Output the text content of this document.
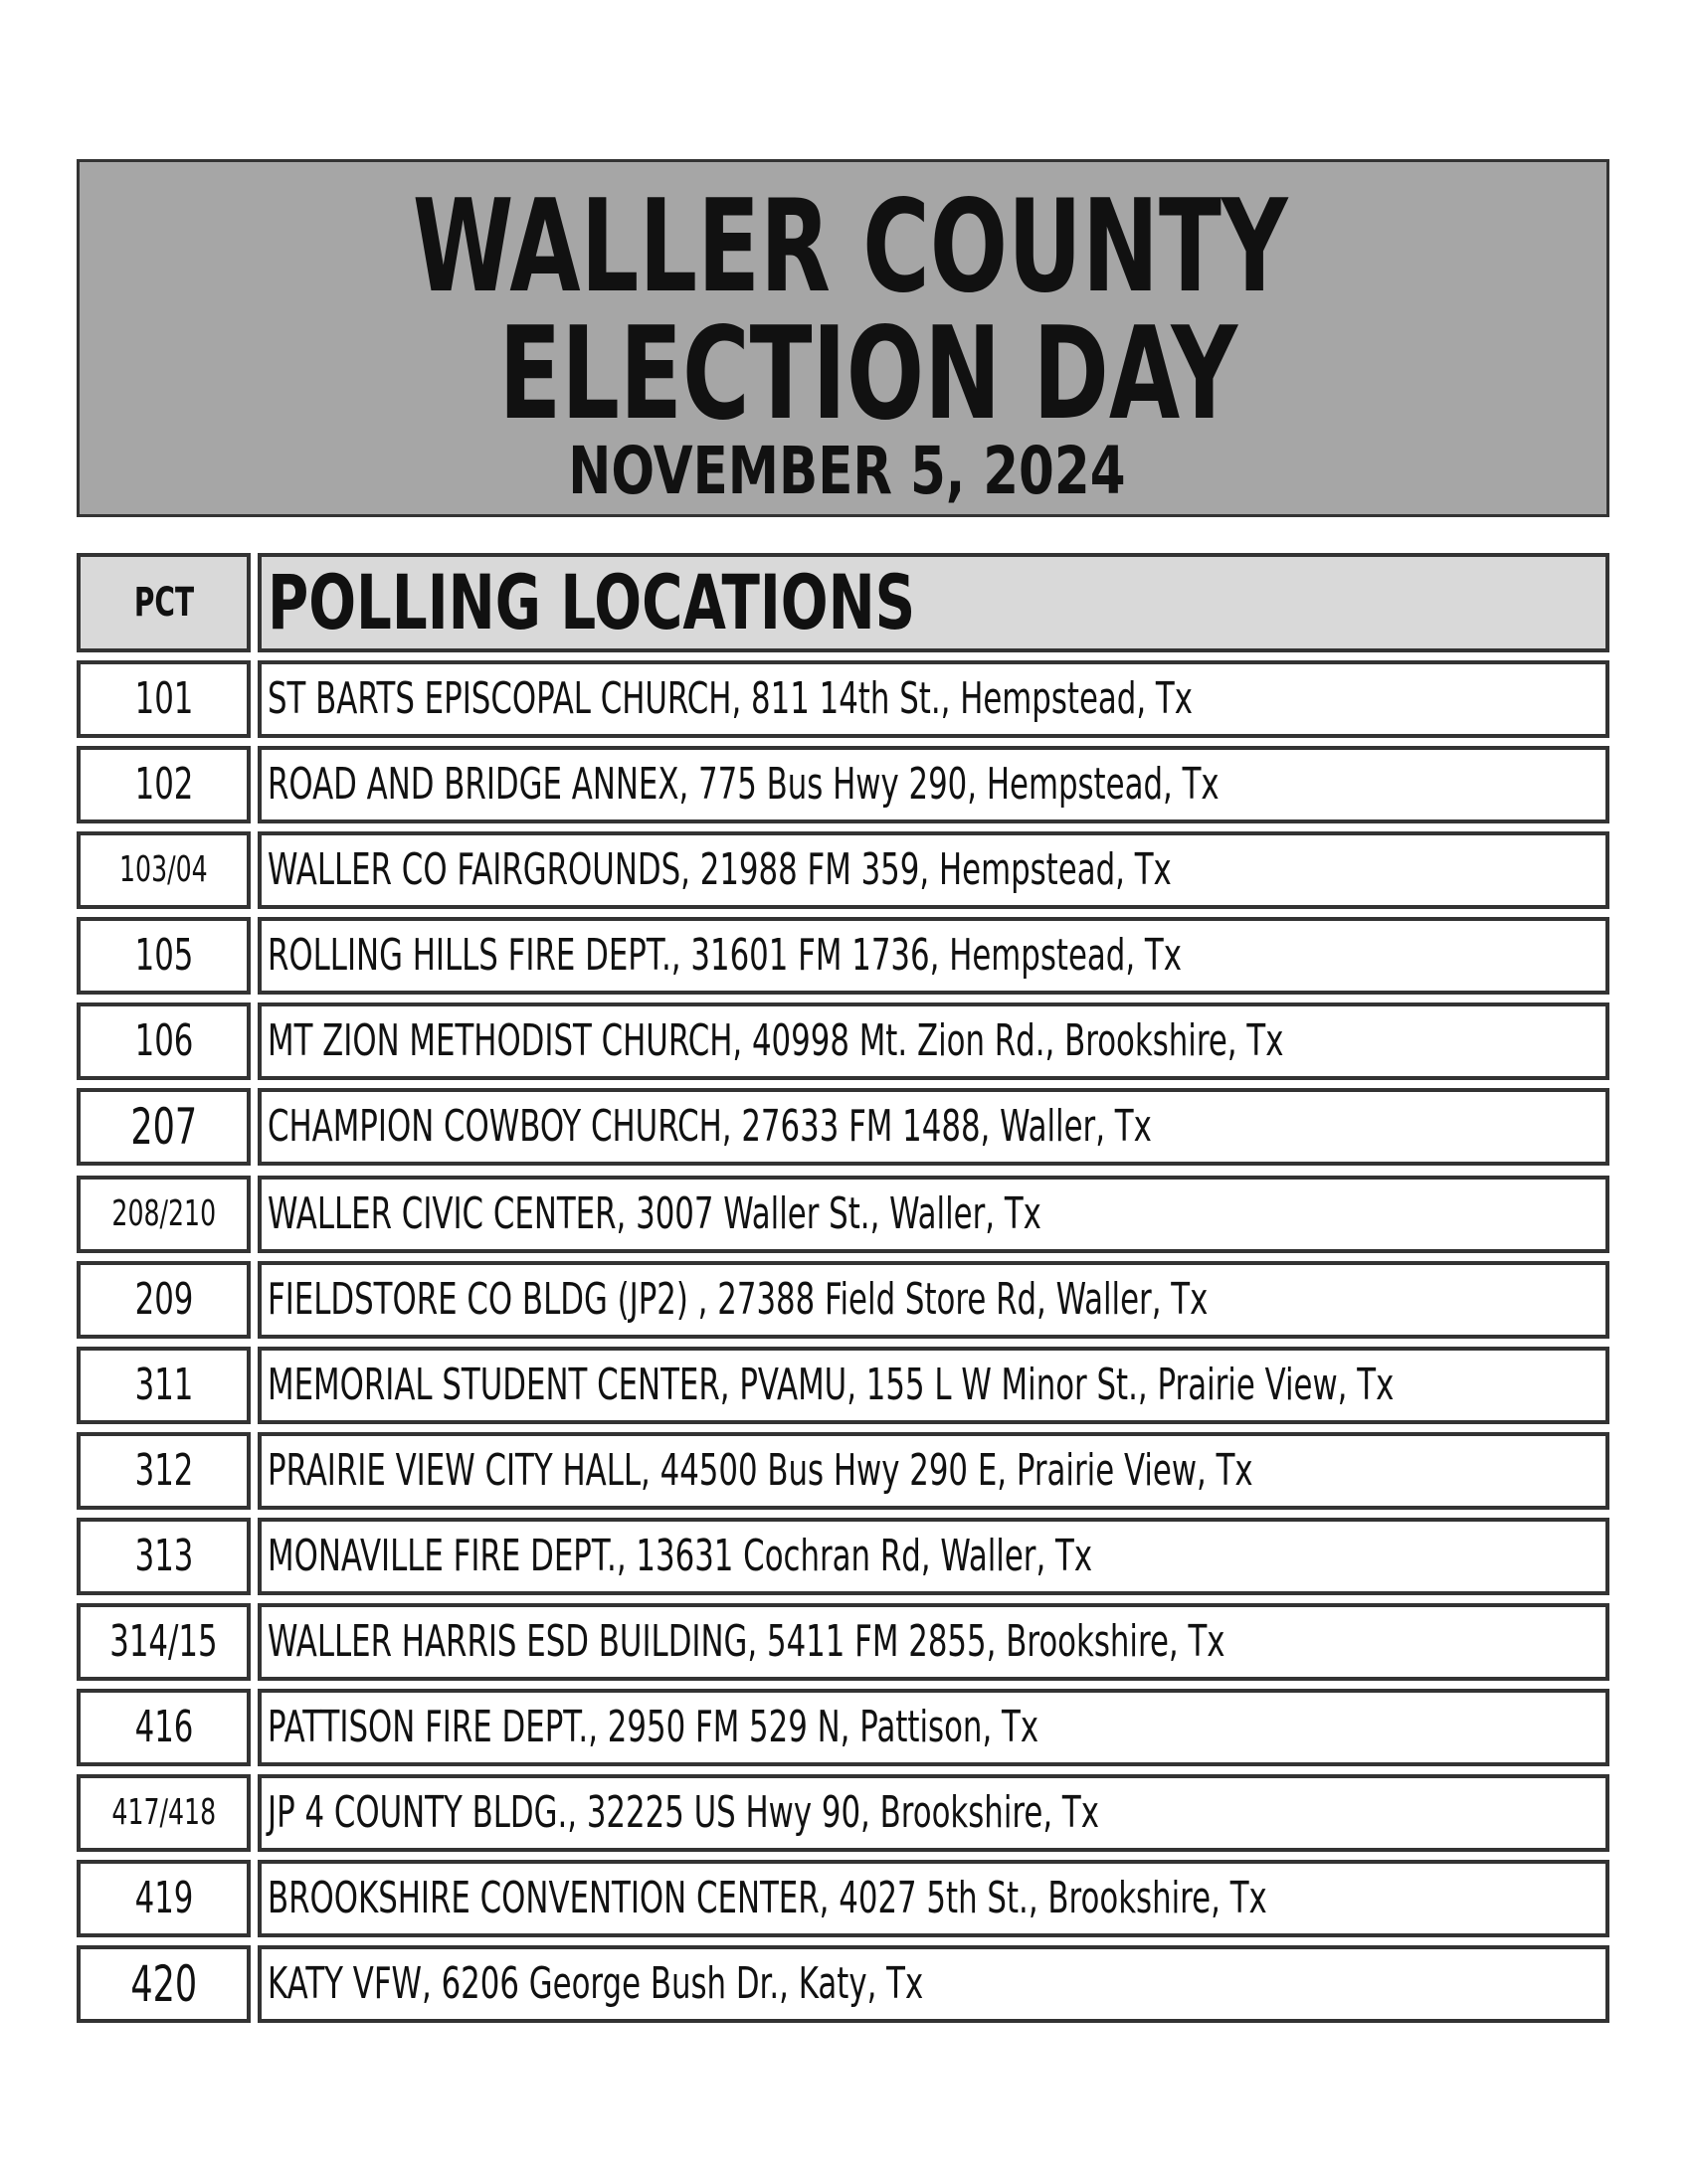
WALLER COUNTY
ELECTION DAY
NOVEMBER 5, 2024
PCT POLLING LOCATIONS
101	ST BARTS EPISCOPAL CHURCH, 811 14th St., Hempstead, Tx
102	ROAD AND BRIDGE ANNEX, 775 Bus Hwy 290, Hempstead, Tx
103/04	WALLER CO FAIRGROUNDS, 21988 FM 359, Hempstead, Tx
105	ROLLING HILLS FIRE DEPT., 31601 FM 1736, Hempstead, Tx
106	MT ZION METHODIST CHURCH, 40998 Mt. Zion Rd., Brookshire, Tx
207	CHAMPION COWBOY CHURCH, 27633 FM 1488, Waller, Tx
208/210	WALLER CIVIC CENTER, 3007 Waller St., Waller, Tx
209	FIELDSTORE CO BLDG (JP2) , 27388 Field Store Rd, Waller, Tx
311	MEMORIAL STUDENT CENTER, PVAMU, 155 L W Minor St., Prairie View, Tx
312	PRAIRIE VIEW CITY HALL, 44500 Bus Hwy 290 E, Prairie View, Tx
313	MONAVILLE FIRE DEPT., 13631 Cochran Rd, Waller, Tx
314/15	WALLER HARRIS ESD BUILDING, 5411 FM 2855, Brookshire, Tx
416	PATTISON FIRE DEPT., 2950 FM 529 N, Pattison, Tx
417/418	JP 4 COUNTY BLDG., 32225 US Hwy 90, Brookshire, Tx
419	BROOKSHIRE CONVENTION CENTER, 4027 5th St., Brookshire, Tx
420	KATY VFW, 6206 George Bush Dr., Katy, Tx
